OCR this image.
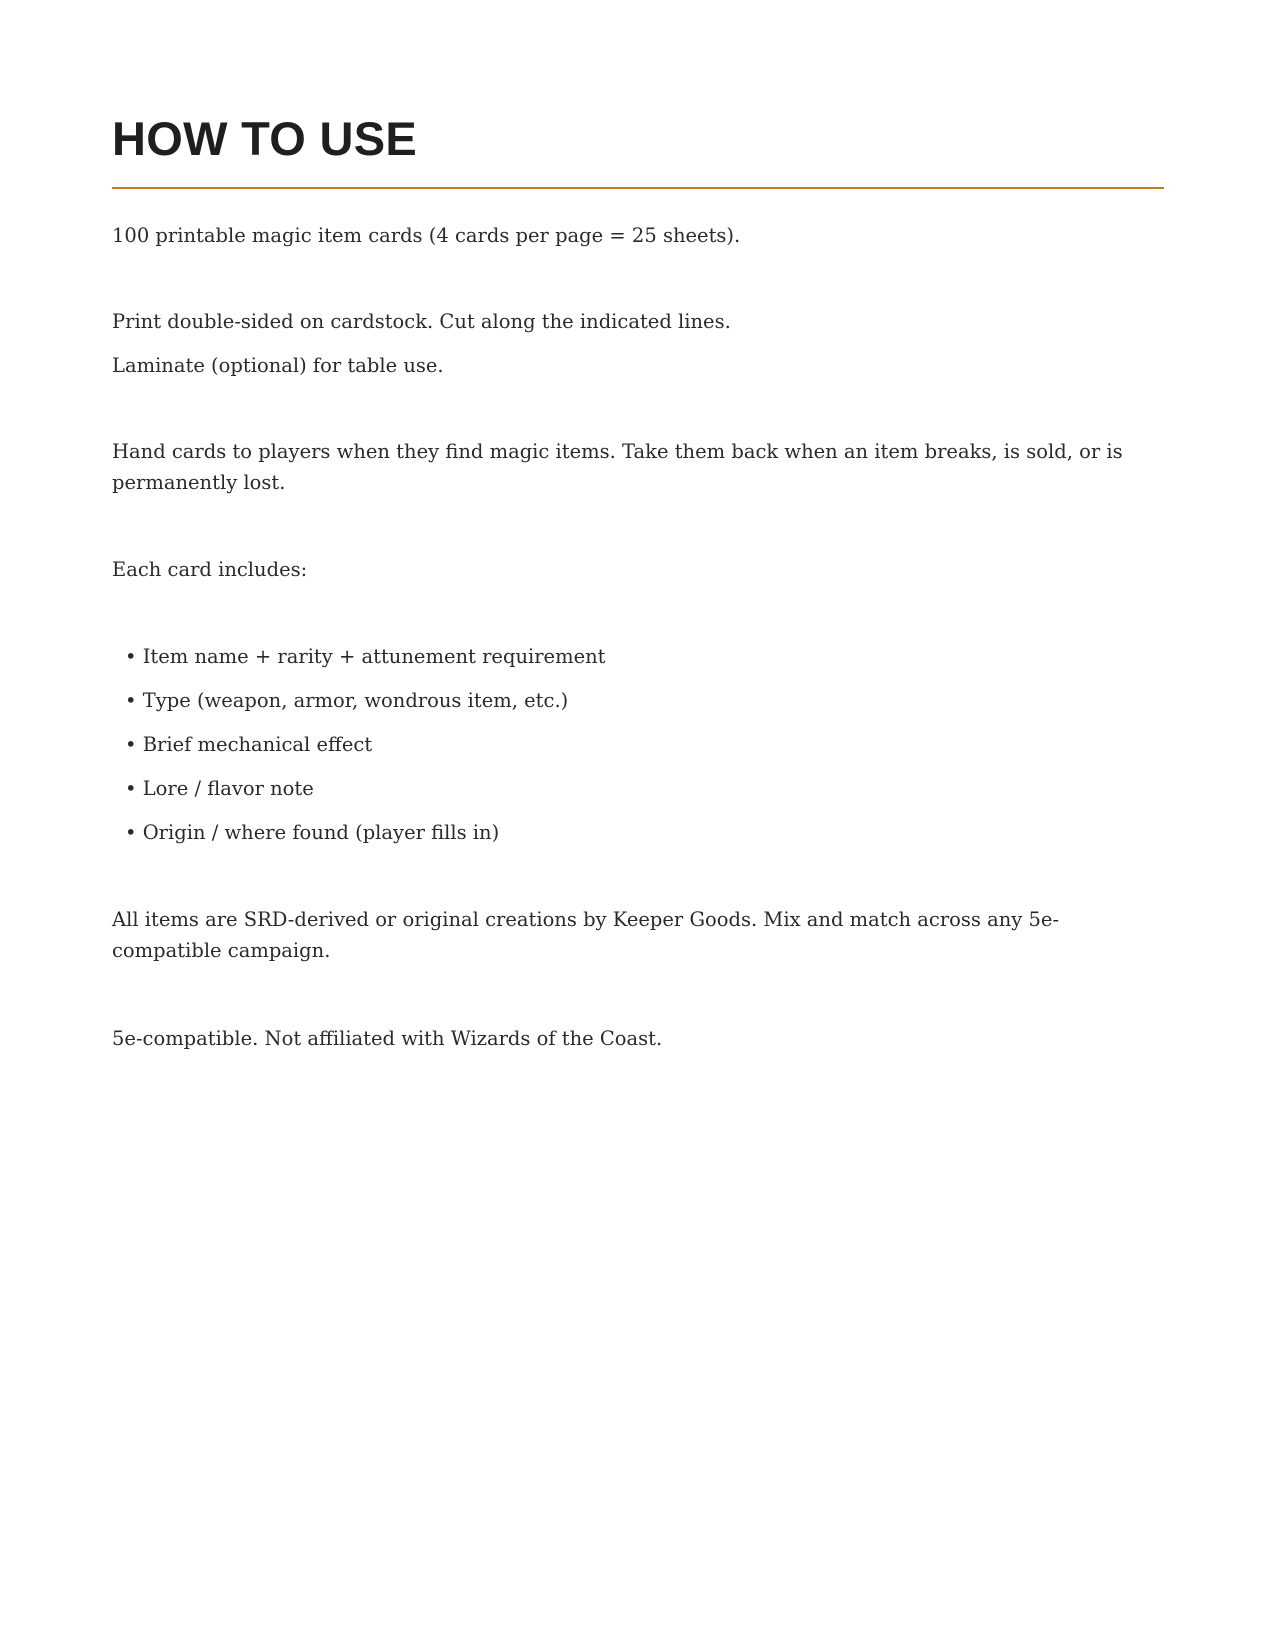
HOW TO USE

100 printable magic item cards (4 cards per page = 25 sheets).

Print double-sided on cardstock. Cut along the indicated lines.

Laminate (optional) for table use.

Hand cards to players when they find magic items. Take them back when an item breaks, is sold, or is permanently lost.

Each card includes:

• Item name + rarity + attunement requirement

• Type (weapon, armor, wondrous item, etc.)

• Brief mechanical effect

• Lore / flavor note

• Origin / where found (player fills in)

All items are SRD-derived or original creations by Keeper Goods. Mix and match across any 5e-compatible campaign.

5e-compatible. Not affiliated with Wizards of the Coast.
